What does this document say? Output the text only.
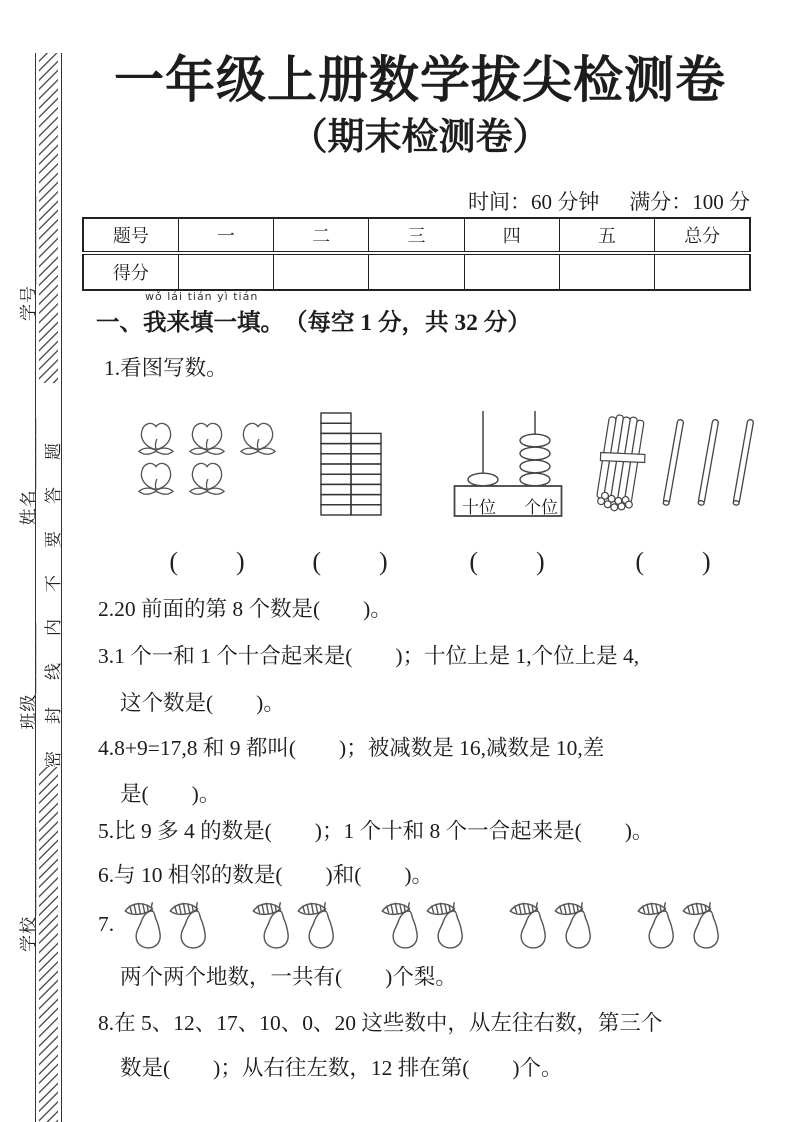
学校＿＿＿＿＿
班级＿＿＿＿
姓名＿＿＿＿
学号＿＿＿＿＿
密封线内不要答题
一年级上册数学拔尖检测卷
（期末检测卷）
时间：60 分钟 满分：100 分
题号	一	二	三	四	五	总分
得分						
一、
wǒ lái tián yì tián
我来填一填。（每空 1 分，共 32 分）
1.看图写数。
(　　)	(　　)
十位 个位
(　　)	(　　)
2.20 前面的第 8 个数是(　　)。
3.1 个一和 1 个十合起来是(　　)；十位上是 1,个位上是 4,
这个数是(　　)。
4.8+9=17,8 和 9 都叫(　　)；被减数是 16,减数是 10,差
是(　　)。
5.比 9 多 4 的数是(　　)；1 个十和 8 个一合起来是(　　)。
6.与 10 相邻的数是(　　)和(　　)。
7.
两个两个地数，一共有(　　)个梨。
8.在 5、12、17、10、0、20 这些数中，从左往右数，第三个
数是(　　)；从右往左数，12 排在第(　　)个。
